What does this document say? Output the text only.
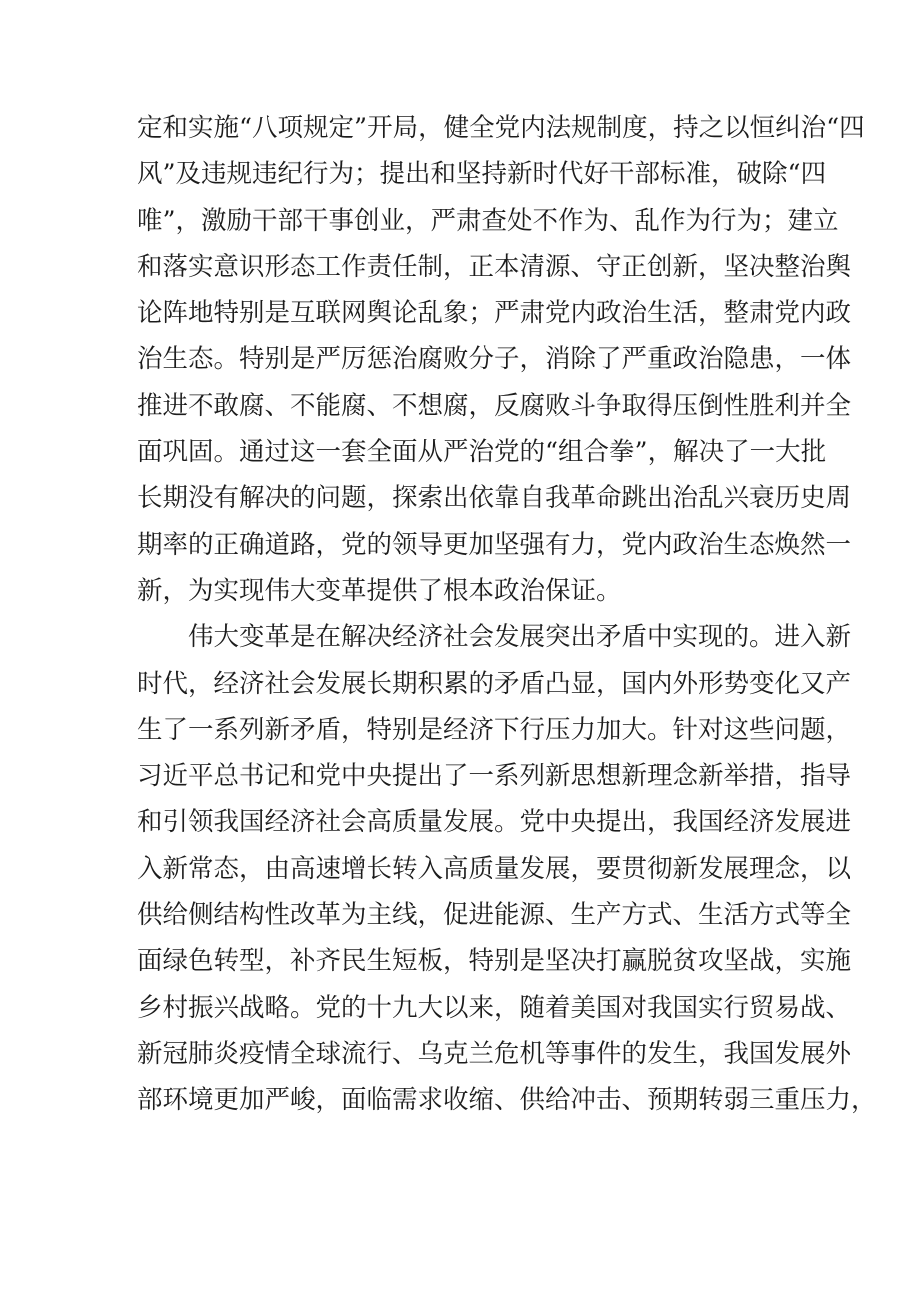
定和实施“八项规定”开局，健全党内法规制度，持之以恒纠治“四
风”及违规违纪行为；提出和坚持新时代好干部标准，破除“四
唯”，激励干部干事创业，严肃查处不作为、乱作为行为；建立
和落实意识形态工作责任制，正本清源、守正创新，坚决整治舆
论阵地特别是互联网舆论乱象；严肃党内政治生活，整肃党内政
治生态。特别是严厉惩治腐败分子，消除了严重政治隐患，一体
推进不敢腐、不能腐、不想腐，反腐败斗争取得压倒性胜利并全
面巩固。通过这一套全面从严治党的“组合拳”，解决了一大批
长期没有解决的问题，探索出依靠自我革命跳出治乱兴衰历史周
期率的正确道路，党的领导更加坚强有力，党内政治生态焕然一
新，为实现伟大变革提供了根本政治保证。
伟大变革是在解决经济社会发展突出矛盾中实现的。进入新
时代，经济社会发展长期积累的矛盾凸显，国内外形势变化又产
生了一系列新矛盾，特别是经济下行压力加大。针对这些问题，
习近平总书记和党中央提出了一系列新思想新理念新举措，指导
和引领我国经济社会高质量发展。党中央提出，我国经济发展进
入新常态，由高速增长转入高质量发展，要贯彻新发展理念，以
供给侧结构性改革为主线，促进能源、生产方式、生活方式等全
面绿色转型，补齐民生短板，特别是坚决打赢脱贫攻坚战，实施
乡村振兴战略。党的十九大以来，随着美国对我国实行贸易战、
新冠肺炎疫情全球流行、乌克兰危机等事件的发生，我国发展外
部环境更加严峻，面临需求收缩、供给冲击、预期转弱三重压力，
